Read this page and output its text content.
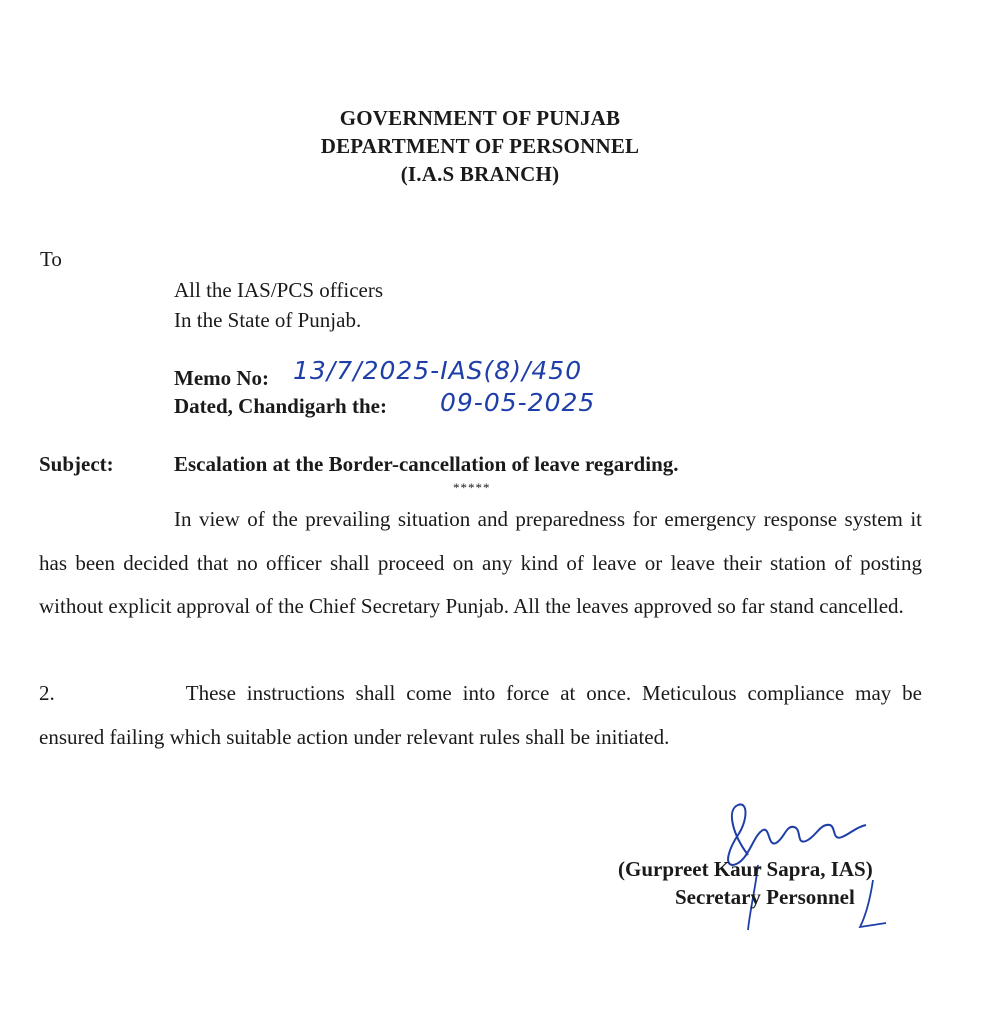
GOVERNMENT OF PUNJAB
DEPARTMENT OF PERSONNEL
(I.A.S BRANCH)
To
All the IAS/PCS officers
In the State of Punjab.
Memo No: 13/7/2025-IAS(8)/450
Dated, Chandigarh the: 09-05-2025
Subject:	Escalation at the Border-cancellation of leave regarding.
*****
In view of the prevailing situation and preparedness for emergency response system it has been decided that no officer shall proceed on any kind of leave or leave their station of posting without explicit approval of the Chief Secretary Punjab. All the leaves approved so far stand cancelled.
2.	These instructions shall come into force at once. Meticulous compliance may be ensured failing which suitable action under relevant rules shall be initiated.
(Gurpreet Kaur Sapra, IAS)
Secretary Personnel
